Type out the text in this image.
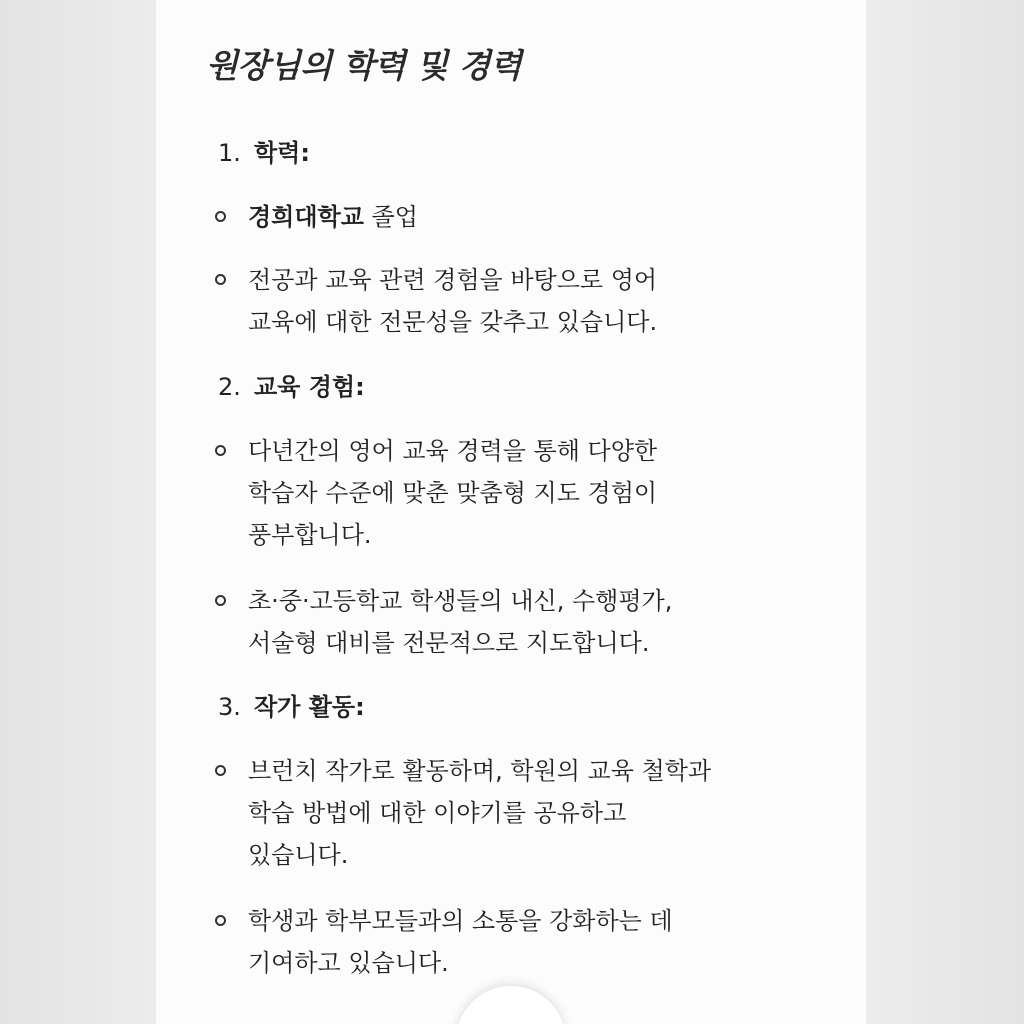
원장님의 학력 및 경력
1. 학력:
경희대학교 졸업
전공과 교육 관련 경험을 바탕으로 영어
교육에 대한 전문성을 갖추고 있습니다.
2. 교육 경험:
다년간의 영어 교육 경력을 통해 다양한
학습자 수준에 맞춘 맞춤형 지도 경험이
풍부합니다.
초·중·고등학교 학생들의 내신, 수행평가,
서술형 대비를 전문적으로 지도합니다.
3. 작가 활동:
브런치 작가로 활동하며, 학원의 교육 철학과
학습 방법에 대한 이야기를 공유하고
있습니다.
학생과 학부모들과의 소통을 강화하는 데
기여하고 있습니다.
